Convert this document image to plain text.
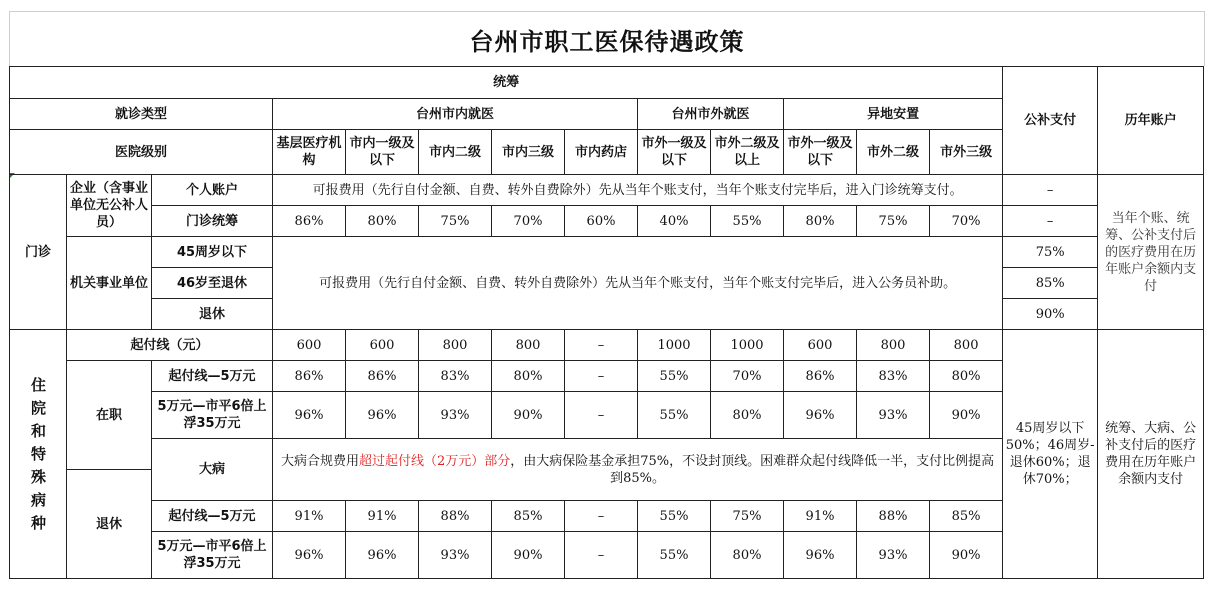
台州市职工医保待遇政策
统筹													公补支付	历年账户
就诊类型			台州市内就医					台州市外就医		异地安置				
医院级别			基层医疗机构	市内一级及以下	市内二级	市内三级	市内药店	市外一级及以下	市外二级及以上	市外一级及以下	市外二级	市外三级		
门诊	企业（含事业单位无公补人员）	个人账户	可报费用（先行自付金额、自费、转外自费除外）先从当年个账支付，当年个账支付完毕后，进入门诊统筹支付。										–	当年个账、统筹、公补支付后的医疗费用在历年账户余额内支付
		门诊统筹	86%	80%	75%	70%	60%	40%	55%	80%	75%	70%	–	
	机关事业单位	45周岁以下	可报费用（先行自付金额、自费、转外自费除外）先从当年个账支付，当年个账支付完毕后，进入公务员补助。										75%	
		46岁至退休											85%	
		退休											90%	

住 院 和 特 殊 病 种	起付线（元）		600	600	800	800	–	1000	1000	600	800	800	45周岁以下50%；46周岁-退休60%；退休70%；	统筹、大病、公补支付后的医疗费用在历年账户余额内支付
	在职	起付线—5万元	86%	86%	83%	80%	–	55%	70%	86%	83%	80%		
		5万元—市平6倍上浮35万元	96%	96%	93%	90%	–	55%	80%	96%	93%	90%		
		大病	大病合规费用超过起付线（2万元）部分，由大病保险基金承担75%，不设封顶线。困难群众起付线降低一半，支付比例提高到85%。											
	退休													
		起付线—5万元	91%	91%	88%	85%	–	55%	75%	91%	88%	85%		
		5万元—市平6倍上浮35万元	96%	96%	93%	90%	–	55%	80%	96%	93%	90%		
